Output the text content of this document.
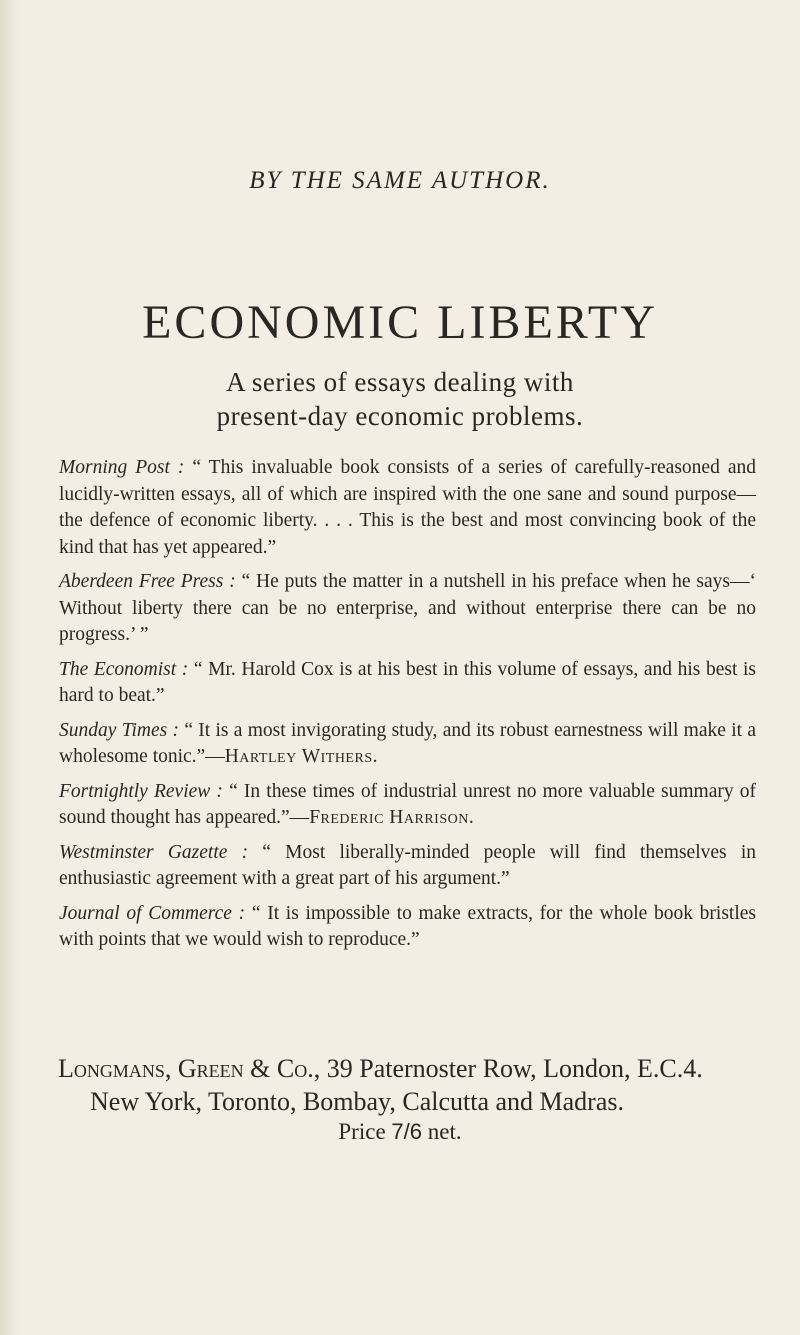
BY THE SAME AUTHOR.
ECONOMIC LIBERTY
A series of essays dealing with
present-day economic problems.

Morning Post : “ This invaluable book consists of a series of carefully-reasoned and lucidly-written essays, all of which are inspired with the one sane and sound purpose—the defence of economic liberty. . . . This is the best and most convincing book of the kind that has yet appeared.”

Aberdeen Free Press : “ He puts the matter in a nutshell in his preface when he says—‘ Without liberty there can be no enterprise, and without enterprise there can be no progress.’ ”

The Economist : “ Mr. Harold Cox is at his best in this volume of essays, and his best is hard to beat.”

Sunday Times : “ It is a most invigorating study, and its robust earnestness will make it a wholesome tonic.”—Hartley Withers.

Fortnightly Review : “ In these times of industrial unrest no more valuable summary of sound thought has appeared.”—Frederic Harrison.

Westminster Gazette : “ Most liberally-minded people will find themselves in enthusiastic agreement with a great part of his argument.”

Journal of Commerce : “ It is impossible to make extracts, for the whole book bristles with points that we would wish to reproduce.”

Longmans, Green & Co., 39 Paternoster Row, London, E.C.4.
New York, Toronto, Bombay, Calcutta and Madras.
Price 7/6 net.
